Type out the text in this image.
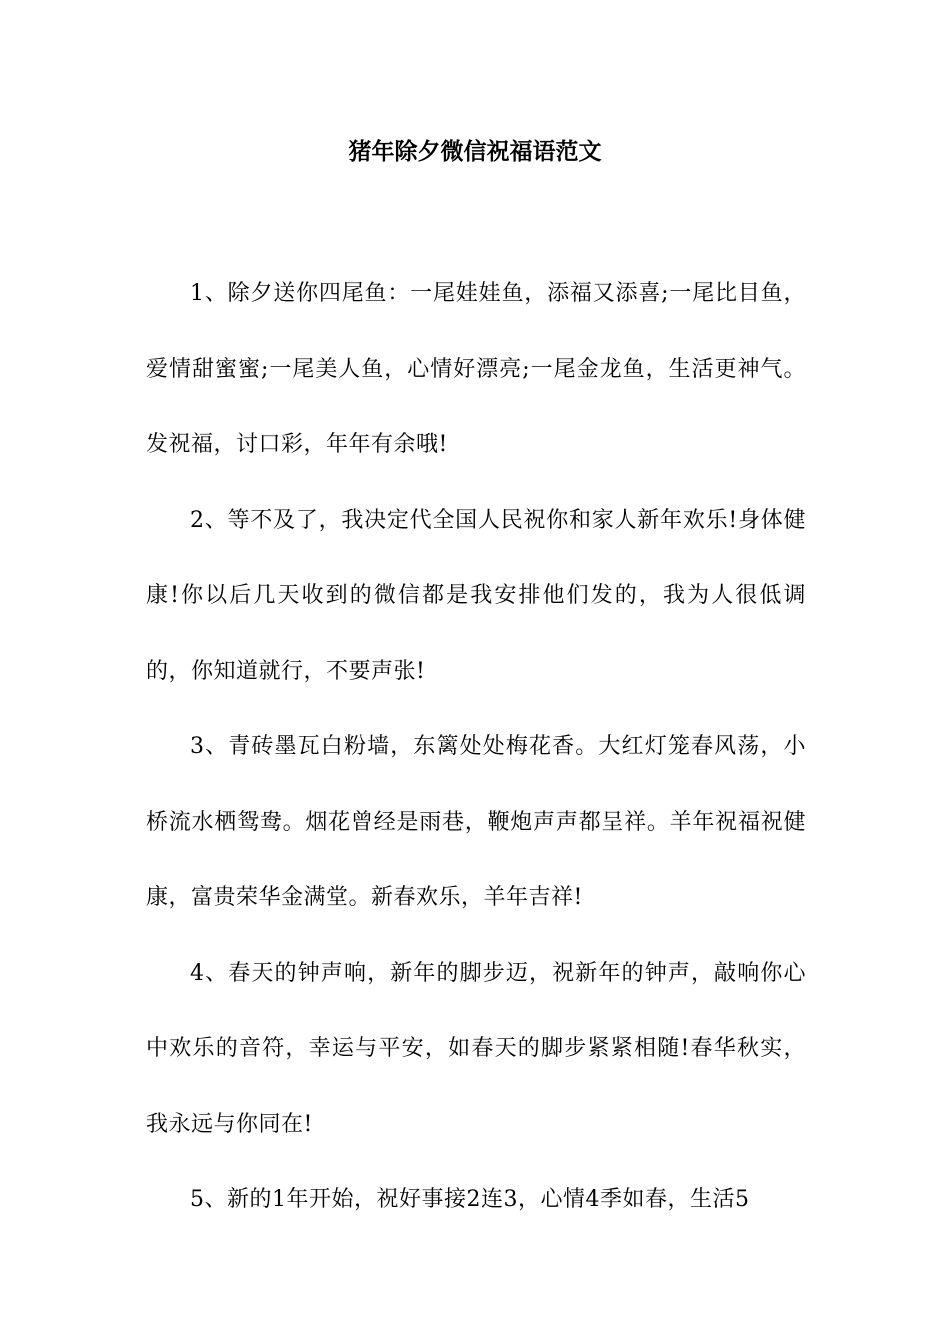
猪年除夕微信祝福语范文

1、除夕送你四尾鱼：一尾娃娃鱼，添福又添喜;一尾比目鱼，爱情甜蜜蜜;一尾美人鱼，心情好漂亮;一尾金龙鱼，生活更神气。发祝福，讨口彩，年年有余哦!

2、等不及了，我决定代全国人民祝你和家人新年欢乐!身体健康!你以后几天收到的微信都是我安排他们发的，我为人很低调的，你知道就行，不要声张!

3、青砖墨瓦白粉墙，东篱处处梅花香。大红灯笼春风荡，小桥流水栖鸳鸯。烟花曾经是雨巷，鞭炮声声都呈祥。羊年祝福祝健康，富贵荣华金满堂。新春欢乐，羊年吉祥!

4、春天的钟声响，新年的脚步迈，祝新年的钟声，敲响你心中欢乐的音符，幸运与平安，如春天的脚步紧紧相随!春华秋实，我永远与你同在!

5、新的1年开始，祝好事接2连3，心情4季如春，生活5
